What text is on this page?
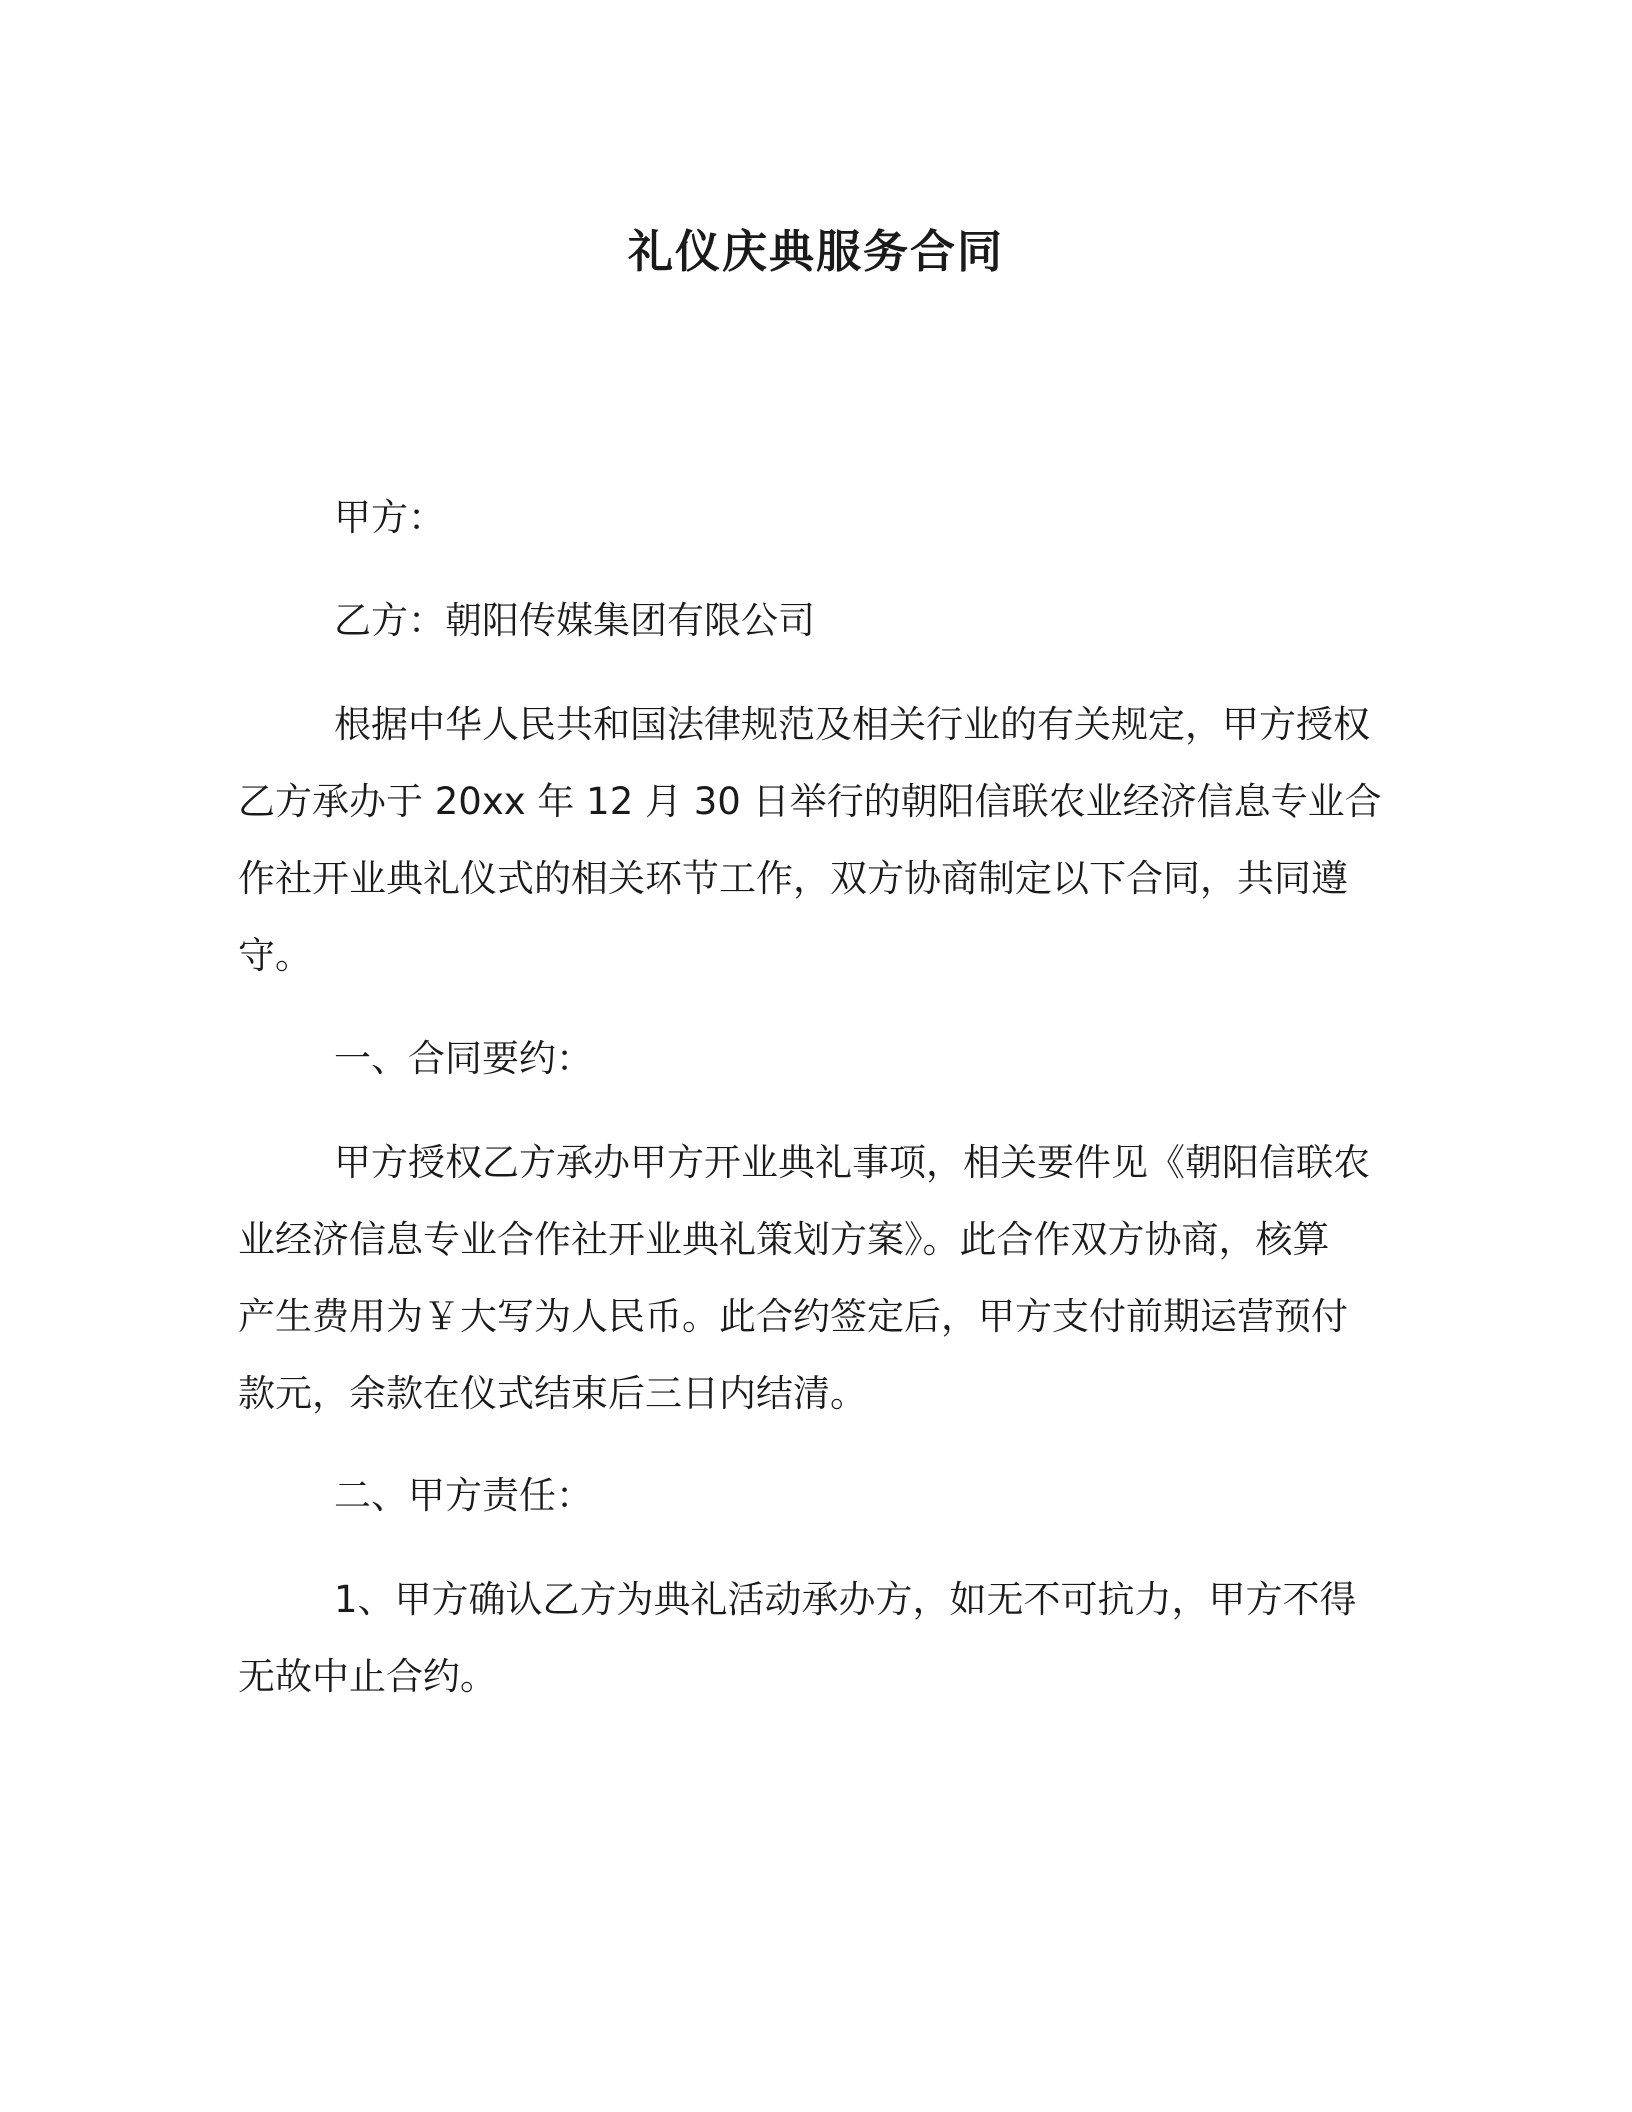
礼仪庆典服务合同
甲方：
乙方：朝阳传媒集团有限公司
根据中华人民共和国法律规范及相关行业的有关规定，甲方授权
乙方承办于 20xx 年 12 月 30 日举行的朝阳信联农业经济信息专业合
作社开业典礼仪式的相关环节工作，双方协商制定以下合同，共同遵
守。
一、合同要约：
甲方授权乙方承办甲方开业典礼事项，相关要件见《朝阳信联农
业经济信息专业合作社开业典礼策划方案》。此合作双方协商，核算
产生费用为￥大写为人民币。此合约签定后，甲方支付前期运营预付
款元，余款在仪式结束后三日内结清。
二、甲方责任：
1、甲方确认乙方为典礼活动承办方，如无不可抗力，甲方不得
无故中止合约。
